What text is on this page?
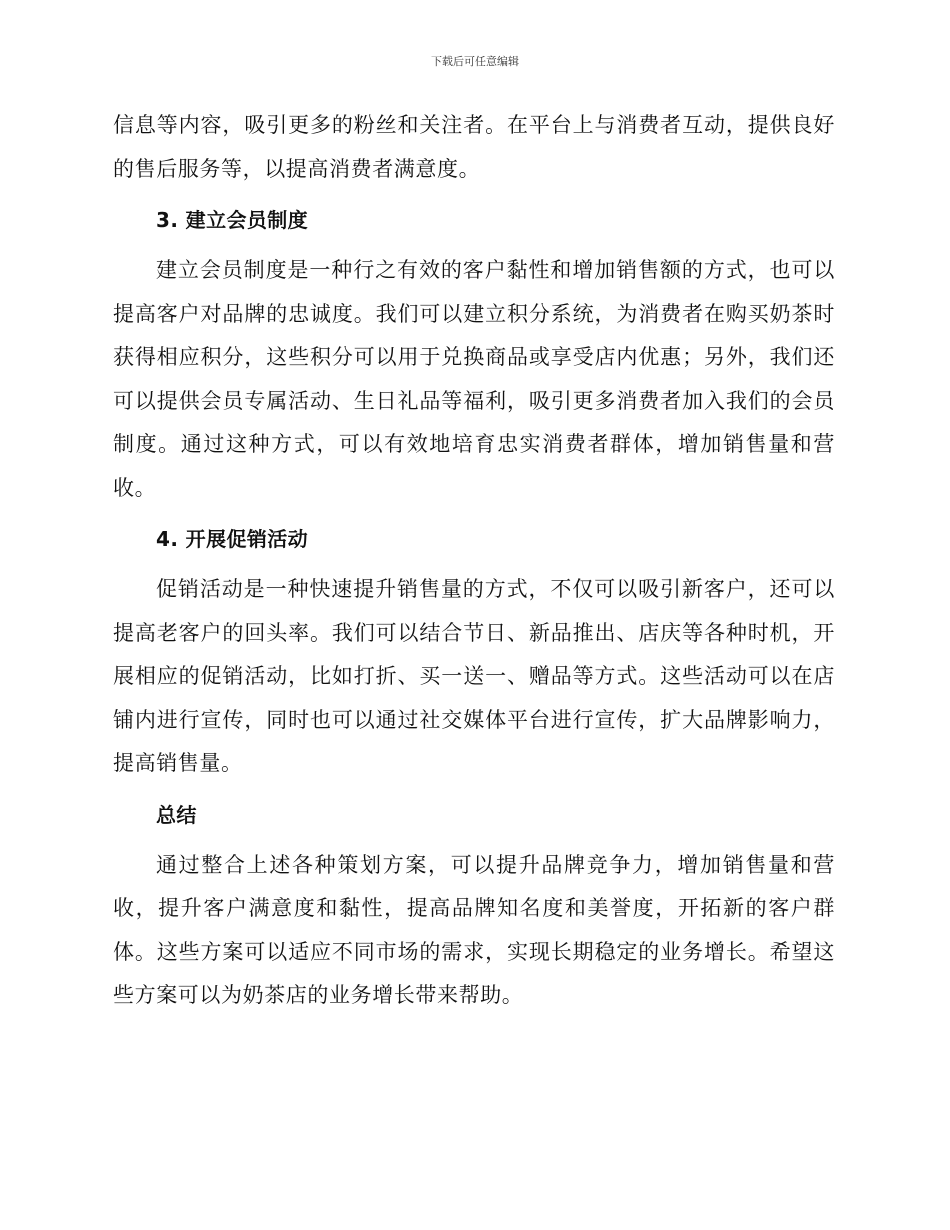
下载后可任意编辑

信息等内容，吸引更多的粉丝和关注者。在平台上与消费者互动，提供良好的售后服务等，以提高消费者满意度。

3. 建立会员制度

建立会员制度是一种行之有效的客户黏性和增加销售额的方式，也可以提高客户对品牌的忠诚度。我们可以建立积分系统，为消费者在购买奶茶时获得相应积分，这些积分可以用于兑换商品或享受店内优惠；另外，我们还可以提供会员专属活动、生日礼品等福利，吸引更多消费者加入我们的会员制度。通过这种方式，可以有效地培育忠实消费者群体，增加销售量和营收。

4. 开展促销活动

促销活动是一种快速提升销售量的方式，不仅可以吸引新客户，还可以提高老客户的回头率。我们可以结合节日、新品推出、店庆等各种时机，开展相应的促销活动，比如打折、买一送一、赠品等方式。这些活动可以在店铺内进行宣传，同时也可以通过社交媒体平台进行宣传，扩大品牌影响力，提高销售量。

总结

通过整合上述各种策划方案，可以提升品牌竞争力，增加销售量和营收，提升客户满意度和黏性，提高品牌知名度和美誉度，开拓新的客户群体。这些方案可以适应不同市场的需求，实现长期稳定的业务增长。希望这些方案可以为奶茶店的业务增长带来帮助。
